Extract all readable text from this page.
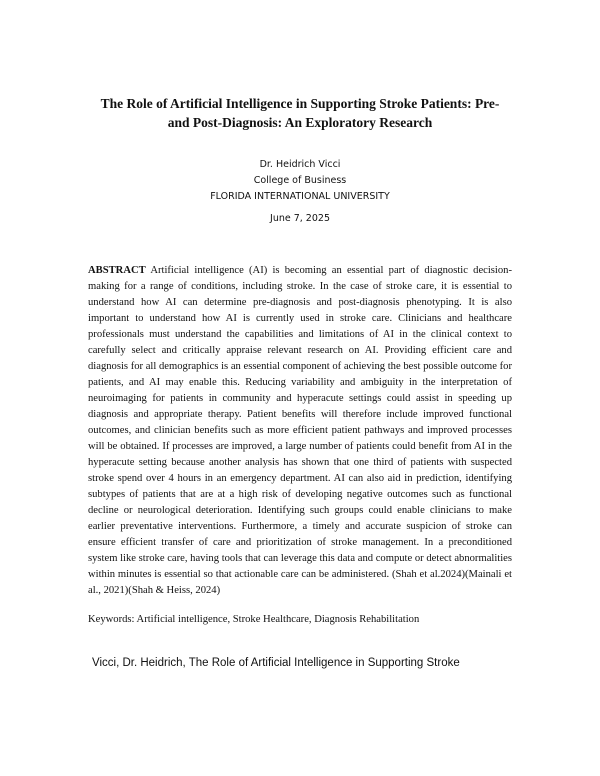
The Role of Artificial Intelligence in Supporting Stroke Patients: Pre-
and Post-Diagnosis: An Exploratory Research
Dr. Heidrich Vicci
College of Business
FLORIDA INTERNATIONAL UNIVERSITY
June 7, 2025

ABSTRACT Artificial intelligence (AI) is becoming an essential part of diagnostic decision-making for a range of conditions, including stroke. In the case of stroke care, it is essential to understand how AI can determine pre-diagnosis and post-diagnosis phenotyping. It is also important to understand how AI is currently used in stroke care. Clinicians and healthcare professionals must understand the capabilities and limitations of AI in the clinical context to carefully select and critically appraise relevant research on AI. Providing efficient care and diagnosis for all demographics is an essential component of achieving the best possible outcome for patients, and AI may enable this. Reducing variability and ambiguity in the interpretation of neuroimaging for patients in community and hyperacute settings could assist in speeding up diagnosis and appropriate therapy. Patient benefits will therefore include improved functional outcomes, and clinician benefits such as more efficient patient pathways and improved processes will be obtained. If processes are improved, a large number of patients could benefit from AI in the hyperacute setting because another analysis has shown that one third of patients with suspected stroke spend over 4 hours in an emergency department. AI can also aid in prediction, identifying subtypes of patients that are at a high risk of developing negative outcomes such as functional decline or neurological deterioration. Identifying such groups could enable clinicians to make earlier preventative interventions. Furthermore, a timely and accurate suspicion of stroke can ensure efficient transfer of care and prioritization of stroke management. In a preconditioned system like stroke care, having tools that can leverage this data and compute or detect abnormalities within minutes is essential so that actionable care can be administered. (Shah et al.2024)(Mainali et al., 2021)(Shah & Heiss, 2024)

Keywords: Artificial intelligence, Stroke Healthcare, Diagnosis Rehabilitation

Vicci, Dr. Heidrich, The Role of Artificial Intelligence in Supporting Stroke
